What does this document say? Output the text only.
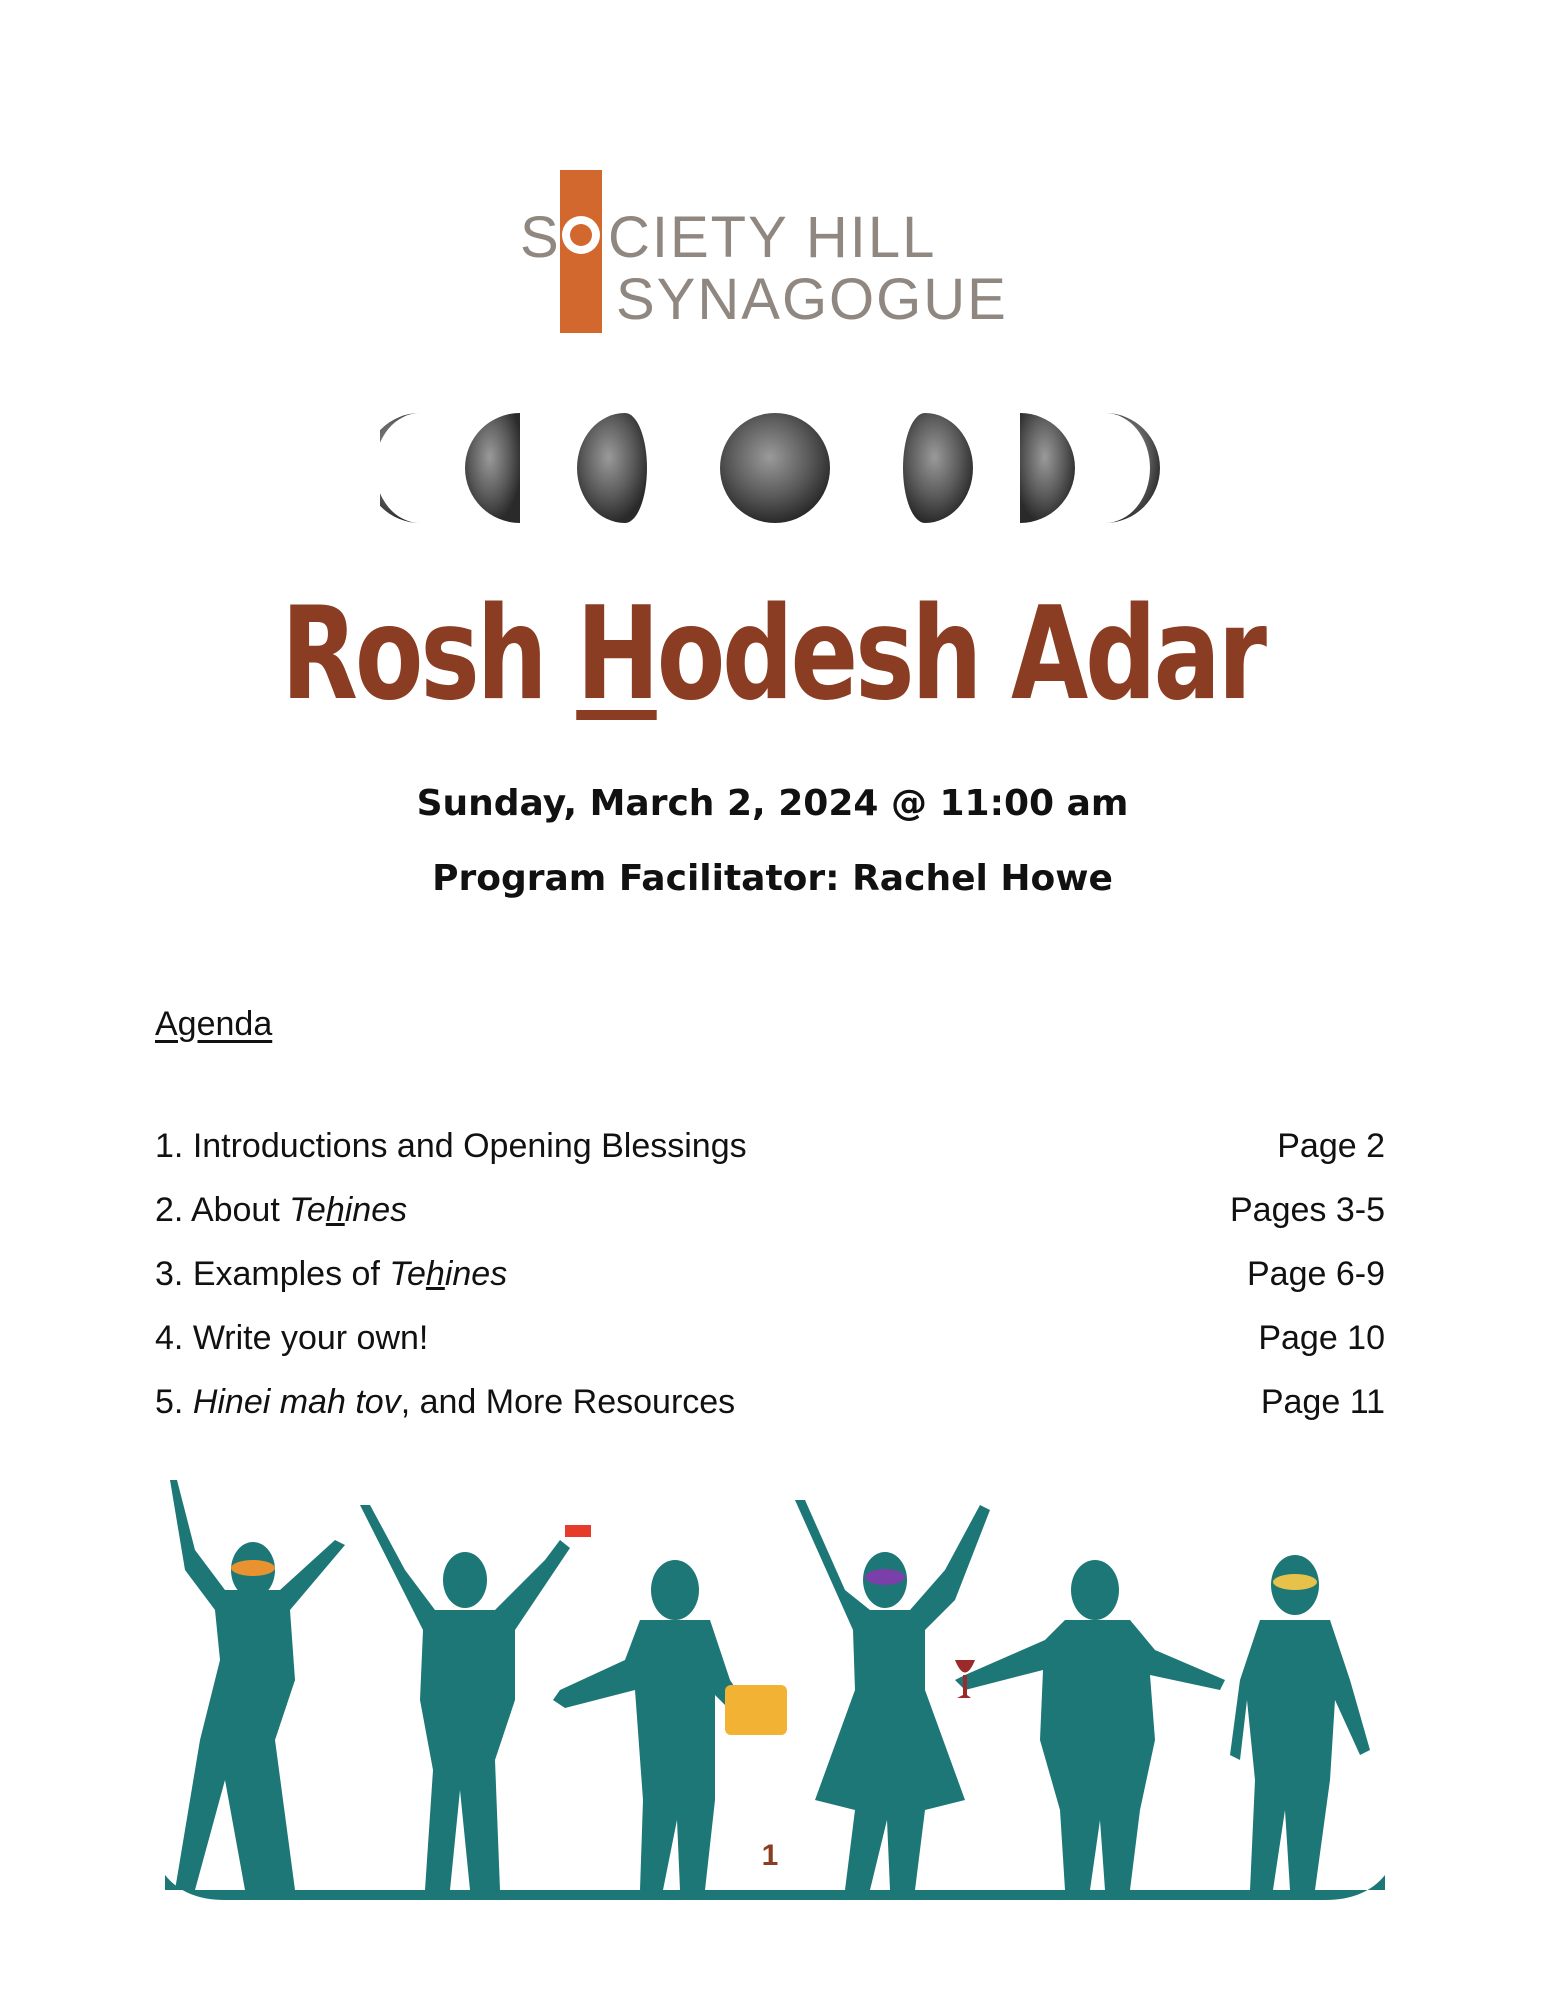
S CIETY HILL
SYNAGOGUE
Rosh Hodesh Adar
Sunday, March 2, 2024 @ 11:00 am
Program Facilitator: Rachel Howe
Agenda
1. Introductions and Opening Blessings	Page 2
2. About Tehines	Pages 3-5
3. Examples of Tehines	Page 6-9
4. Write your own!	Page 10
5. Hinei mah tov, and More Resources	Page 11
1
